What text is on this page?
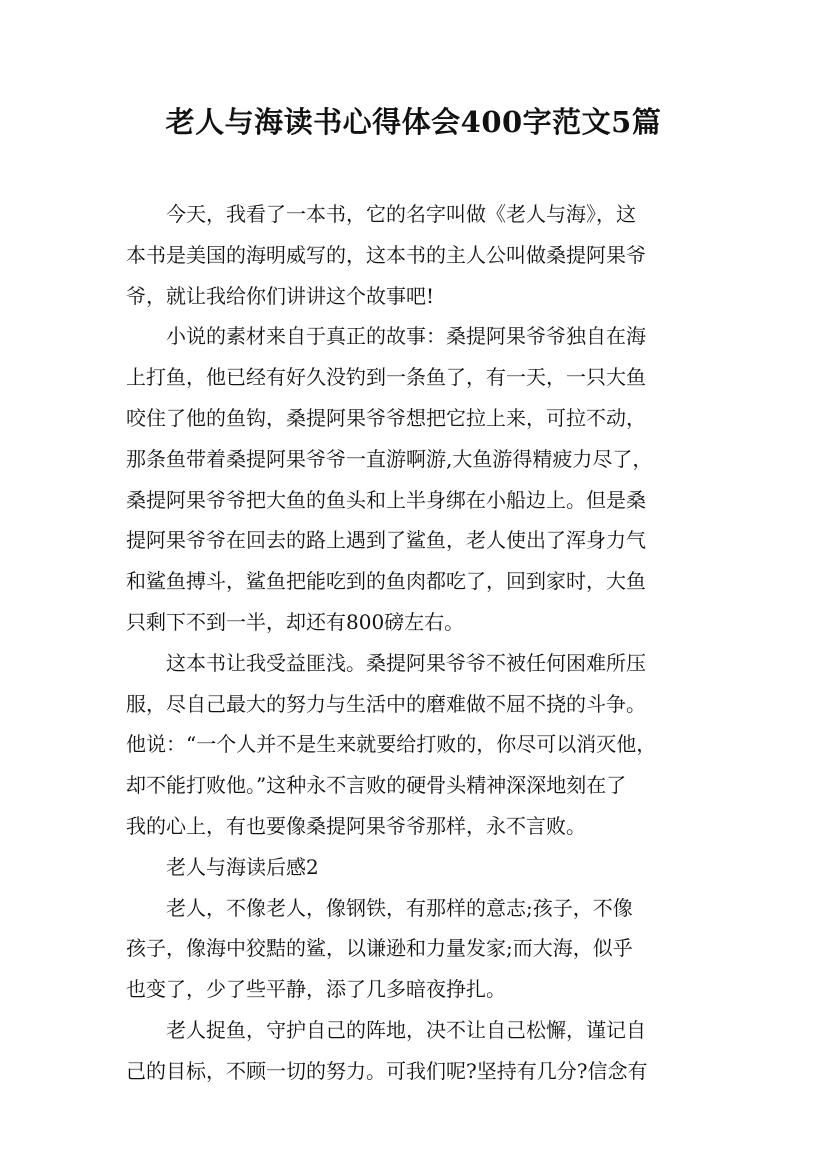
老人与海读书心得体会400字范文5篇
今天，我看了一本书，它的名字叫做《老人与海》，这
本书是美国的海明威写的，这本书的主人公叫做桑提阿果爷
爷，就让我给你们讲讲这个故事吧!
小说的素材来自于真正的故事：桑提阿果爷爷独自在海
上打鱼，他已经有好久没钓到一条鱼了，有一天，一只大鱼
咬住了他的鱼钩，桑提阿果爷爷想把它拉上来，可拉不动，
那条鱼带着桑提阿果爷爷一直游啊游,大鱼游得精疲力尽了，
桑提阿果爷爷把大鱼的鱼头和上半身绑在小船边上。但是桑
提阿果爷爷在回去的路上遇到了鲨鱼，老人使出了浑身力气
和鲨鱼搏斗，鲨鱼把能吃到的鱼肉都吃了，回到家时，大鱼
只剩下不到一半，却还有800磅左右。
这本书让我受益匪浅。桑提阿果爷爷不被任何困难所压
服，尽自己最大的努力与生活中的磨难做不屈不挠的斗争。
他说：“一个人并不是生来就要给打败的，你尽可以消灭他，
却不能打败他。”这种永不言败的硬骨头精神深深地刻在了
我的心上，有也要像桑提阿果爷爷那样，永不言败。
老人与海读后感2
老人，不像老人，像钢铁，有那样的意志;孩子，不像
孩子，像海中狡黠的鲨，以谦逊和力量发家;而大海，似乎
也变了，少了些平静，添了几多暗夜挣扎。
老人捉鱼，守护自己的阵地，决不让自己松懈，谨记自
己的目标，不顾一切的努力。可我们呢?坚持有几分?信念有
